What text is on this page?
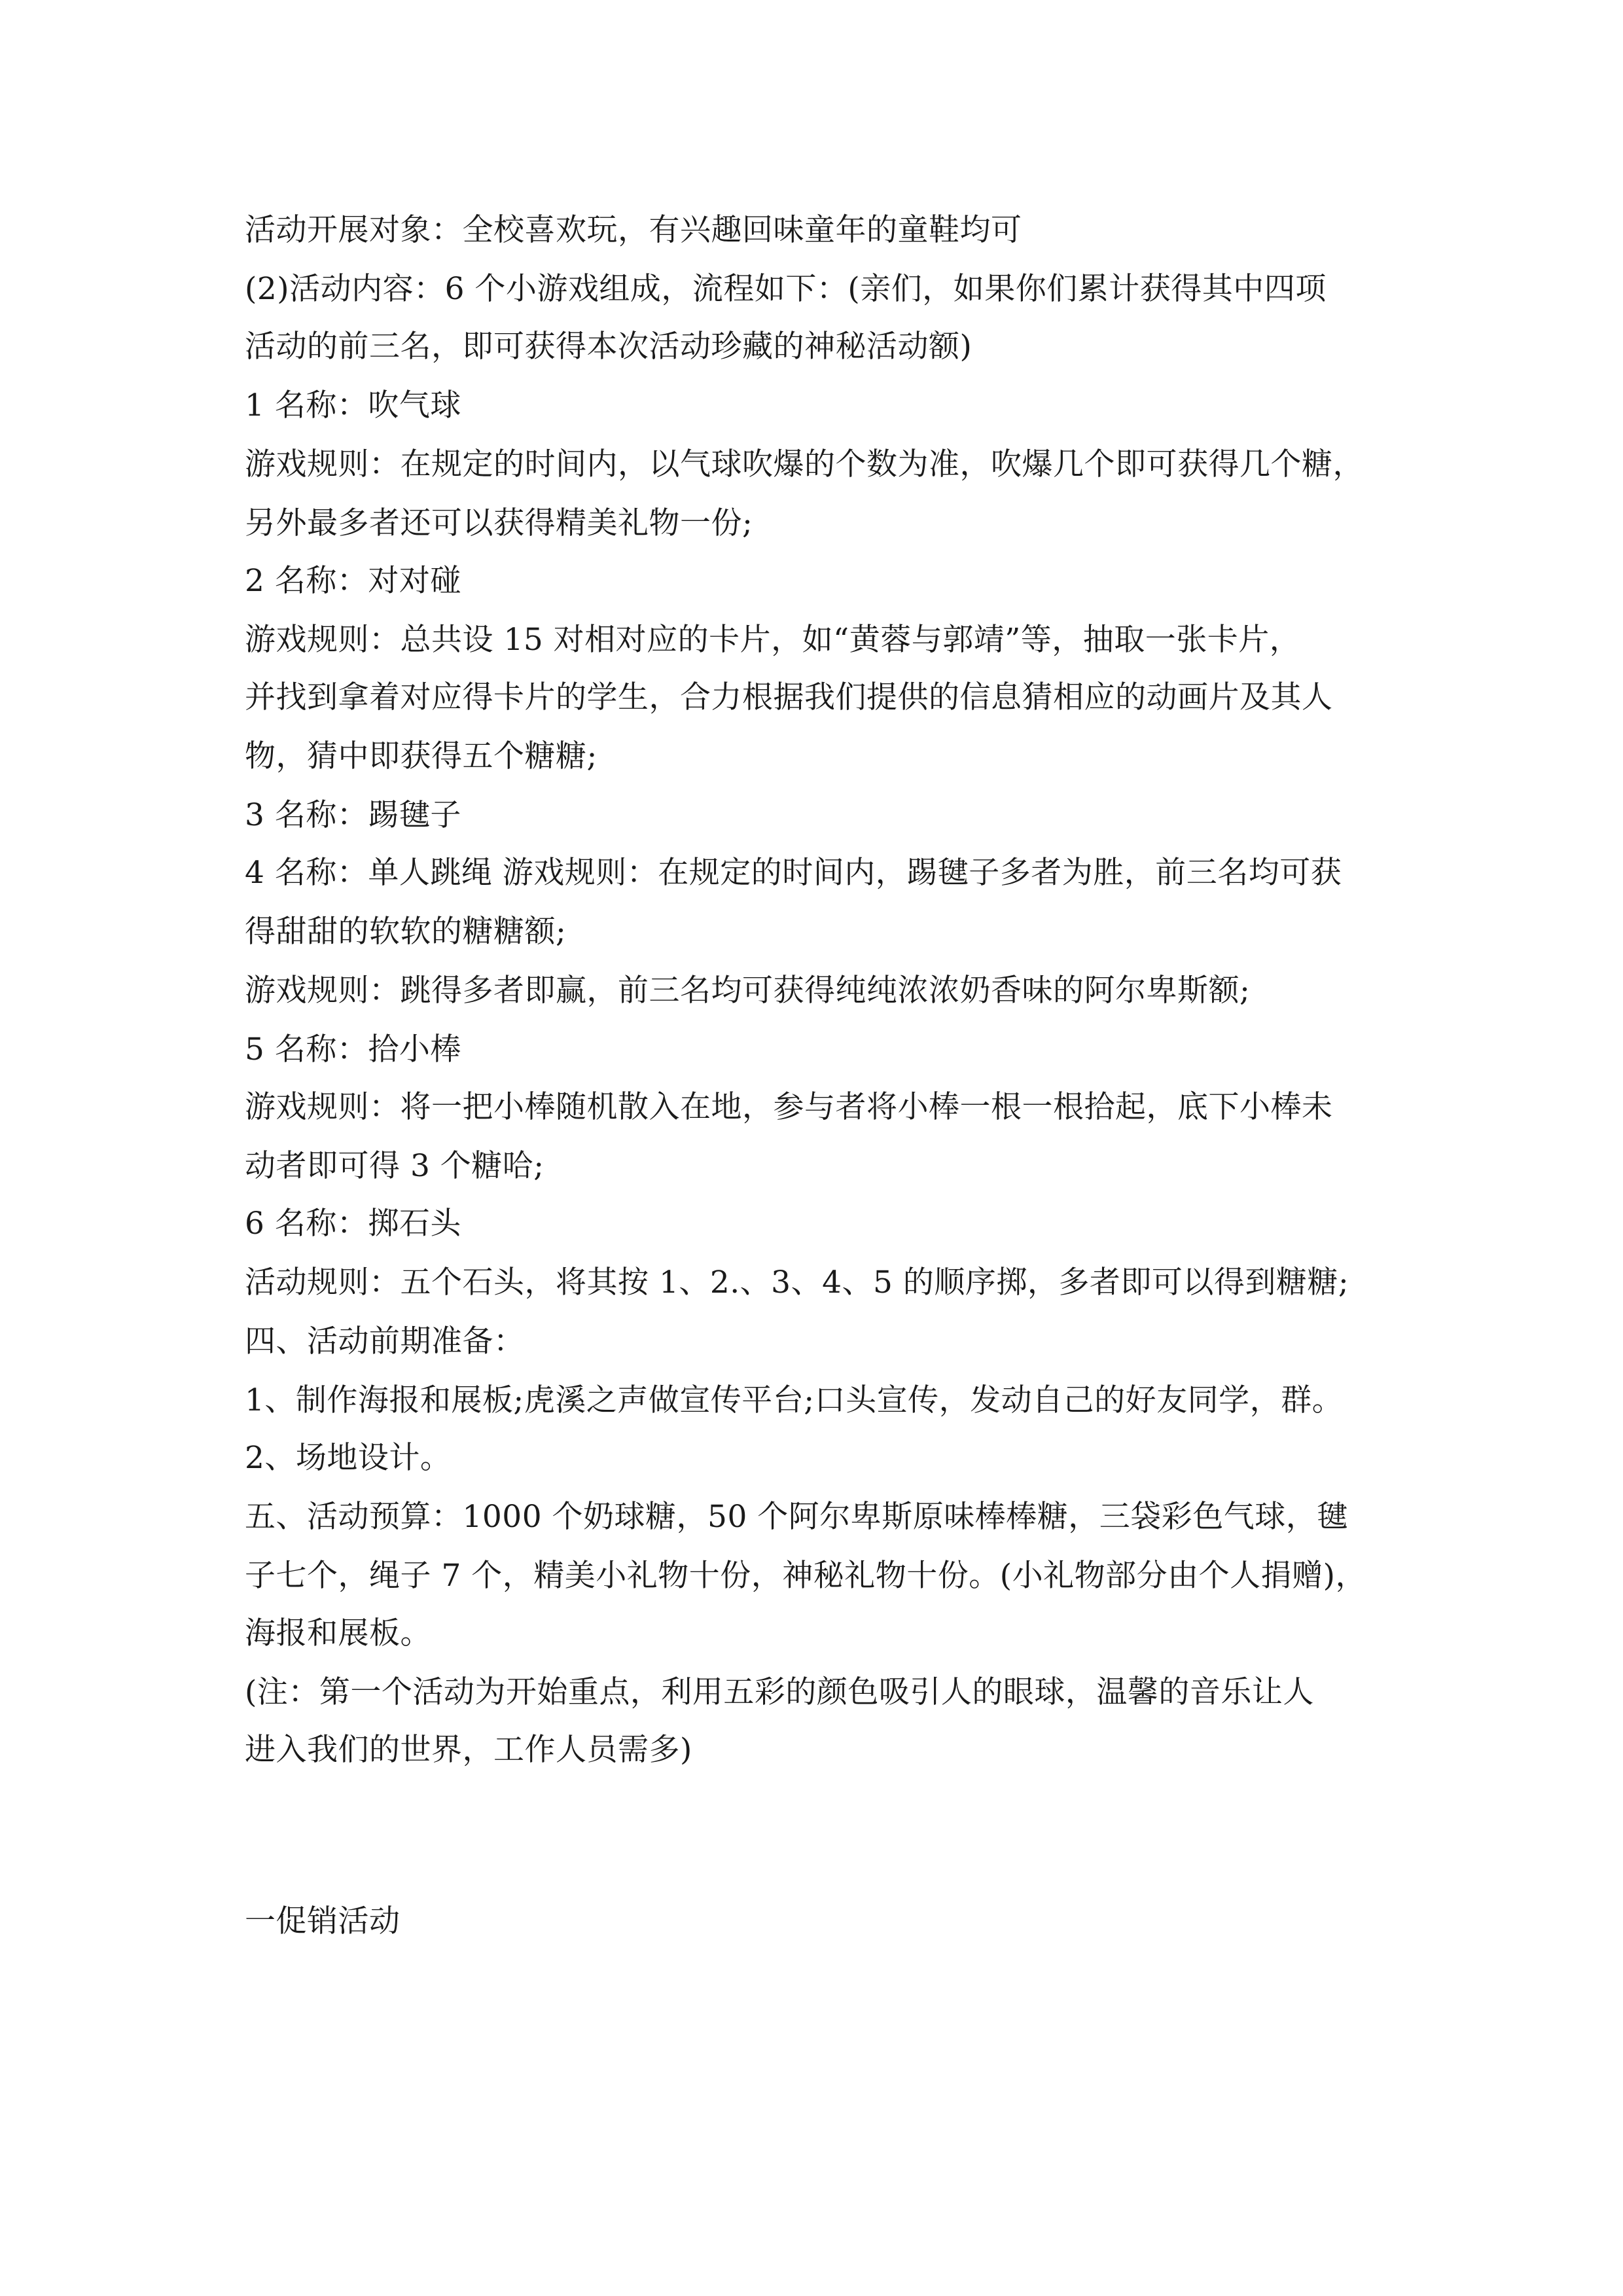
活动开展对象：全校喜欢玩，有兴趣回味童年的童鞋均可
(2)活动内容：6 个小游戏组成，流程如下：(亲们，如果你们累计获得其中四项
活动的前三名，即可获得本次活动珍藏的神秘活动额)
1 名称：吹气球
游戏规则：在规定的时间内，以气球吹爆的个数为准，吹爆几个即可获得几个糖，
另外最多者还可以获得精美礼物一份;
2 名称：对对碰
游戏规则：总共设 15 对相对应的卡片，如“黄蓉与郭靖”等，抽取一张卡片，
并找到拿着对应得卡片的学生，合力根据我们提供的信息猜相应的动画片及其人
物，猜中即获得五个糖糖;
3 名称：踢毽子
4 名称：单人跳绳 游戏规则：在规定的时间内，踢毽子多者为胜，前三名均可获
得甜甜的软软的糖糖额;
游戏规则：跳得多者即赢，前三名均可获得纯纯浓浓奶香味的阿尔卑斯额;
5 名称：拾小棒
游戏规则：将一把小棒随机散入在地，参与者将小棒一根一根拾起，底下小棒未
动者即可得 3 个糖哈;
6 名称：掷石头
活动规则：五个石头，将其按 1、2.、3、4、5 的顺序掷，多者即可以得到糖糖;
四、活动前期准备：
1、制作海报和展板;虎溪之声做宣传平台;口头宣传，发动自己的好友同学，群。
2、场地设计。
五、活动预算：1000 个奶球糖，50 个阿尔卑斯原味棒棒糖，三袋彩色气球，毽
子七个，绳子 7 个，精美小礼物十份，神秘礼物十份。(小礼物部分由个人捐赠)，
海报和展板。
(注：第一个活动为开始重点，利用五彩的颜色吸引人的眼球，温馨的音乐让人
进入我们的世界，工作人员需多)
一促销活动
